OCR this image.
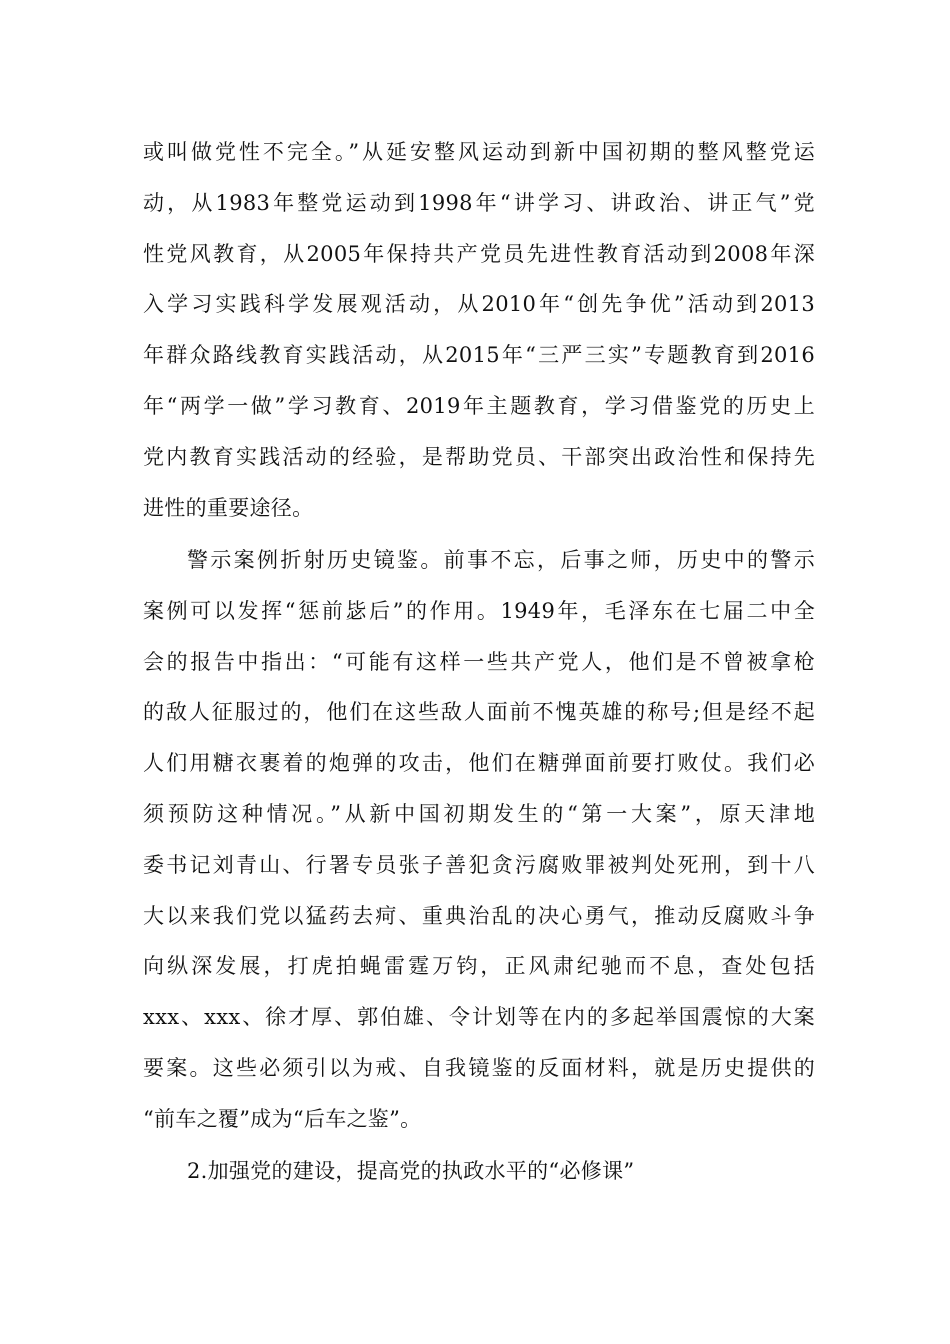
或叫做党性不完全。”从延安整风运动到新中国初期的整风整党运
动，从1983年整党运动到1998年“讲学习、讲政治、讲正气”党
性党风教育，从2005年保持共产党员先进性教育活动到2008年深
入学习实践科学发展观活动，从2010年“创先争优”活动到2013
年群众路线教育实践活动，从2015年“三严三实”专题教育到2016
年“两学一做”学习教育、2019年主题教育，学习借鉴党的历史上
党内教育实践活动的经验，是帮助党员、干部突出政治性和保持先
进性的重要途径。
警示案例折射历史镜鉴。前事不忘，后事之师，历史中的警示
案例可以发挥“惩前毖后”的作用。1949年，毛泽东在七届二中全
会的报告中指出：“可能有这样一些共产党人，他们是不曾被拿枪
的敌人征服过的，他们在这些敌人面前不愧英雄的称号;但是经不起
人们用糖衣裹着的炮弹的攻击，他们在糖弹面前要打败仗。我们必
须预防这种情况。”从新中国初期发生的“第一大案”，原天津地
委书记刘青山、行署专员张子善犯贪污腐败罪被判处死刑，到十八
大以来我们党以猛药去疴、重典治乱的决心勇气，推动反腐败斗争
向纵深发展，打虎拍蝇雷霆万钧，正风肃纪驰而不息，查处包括
xxx、xxx、徐才厚、郭伯雄、令计划等在内的多起举国震惊的大案
要案。这些必须引以为戒、自我镜鉴的反面材料，就是历史提供的
“前车之覆”成为“后车之鉴”。
2.加强党的建设，提高党的执政水平的“必修课”
